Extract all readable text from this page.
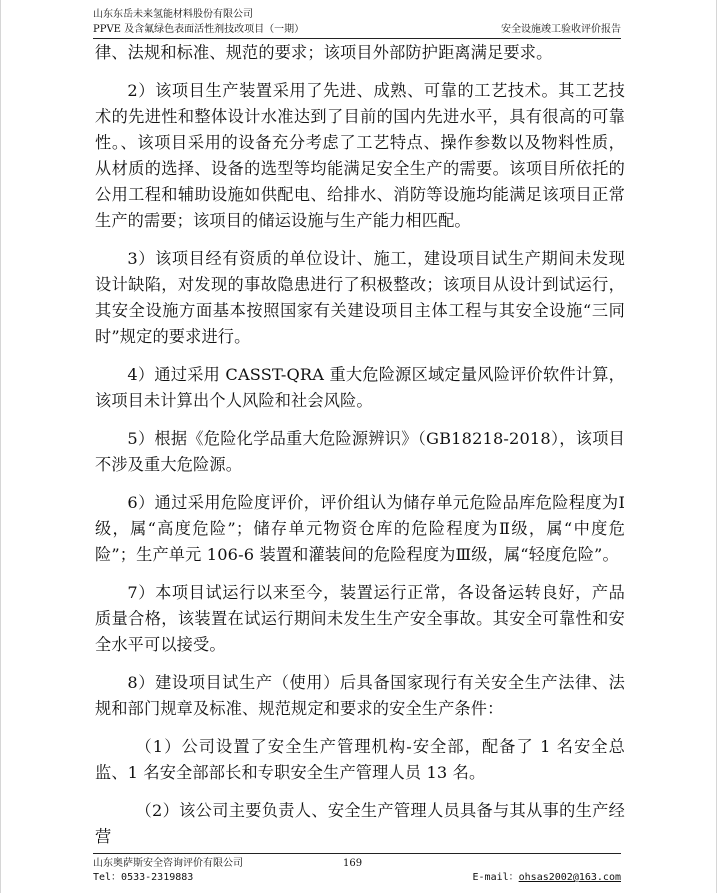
山东东岳未来氢能材料股份有限公司
PPVE 及含氟绿色表面活性剂技改项目（一期）	安全设施竣工验收评价报告

律、法规和标准、规范的要求；该项目外部防护距离满足要求。

2）该项目生产装置采用了先进、成熟、可靠的工艺技术。其工艺技术的先进性和整体设计水准达到了目前的国内先进水平，具有很高的可靠性。、该项目采用的设备充分考虑了工艺特点、操作参数以及物料性质，从材质的选择、设备的选型等均能满足安全生产的需要。该项目所依托的公用工程和辅助设施如供配电、给排水、消防等设施均能满足该项目正常生产的需要；该项目的储运设施与生产能力相匹配。

3）该项目经有资质的单位设计、施工，建设项目试生产期间未发现设计缺陷，对发现的事故隐患进行了积极整改；该项目从设计到试运行，其安全设施方面基本按照国家有关建设项目主体工程与其安全设施“三同时”规定的要求进行。

4）通过采用 CASST-QRA 重大危险源区域定量风险评价软件计算，该项目未计算出个人风险和社会风险。

5）根据《危险化学品重大危险源辨识》（GB18218-2018），该项目不涉及重大危险源。

6）通过采用危险度评价，评价组认为储存单元危险品库危险程度为Ⅰ级，属“高度危险”；储存单元物资仓库的危险程度为Ⅱ级，属“中度危险”；生产单元 106-6 装置和灌装间的危险程度为Ⅲ级，属“轻度危险”。

7）本项目试运行以来至今，装置运行正常，各设备运转良好，产品质量合格，该装置在试运行期间未发生生产安全事故。其安全可靠性和安全水平可以接受。

8）建设项目试生产（使用）后具备国家现行有关安全生产法律、法规和部门规章及标准、规范规定和要求的安全生产条件：

（1）公司设置了安全生产管理机构-安全部，配备了 1 名安全总监、1 名安全部部长和专职安全生产管理人员 13 名。

（2）该公司主要负责人、安全生产管理人员具备与其从事的生产经营

山东奥萨斯安全咨询评价有限公司	169
Tel：0533-2319883	E-mail：ohsas2002@163.com
